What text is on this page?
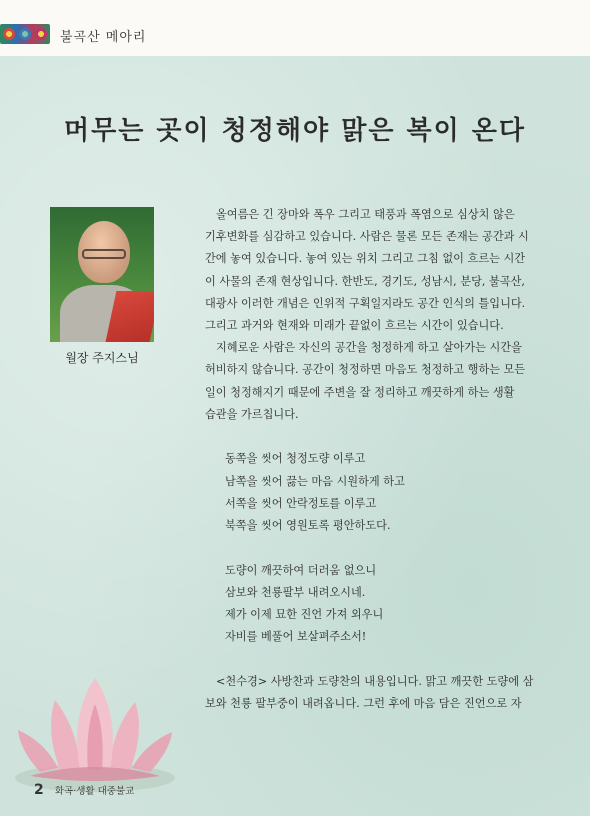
불곡산 메아리
머무는 곳이 청정해야 맑은 복이 온다
월장 주지스님
올여름은 긴 장마와 폭우 그리고 태풍과 폭염으로 심상치 않은
기후변화를 심감하고 있습니다. 사람은 물론 모든 존재는 공간과 시
간에 놓여 있습니다. 놓여 있는 위치 그리고 그침 없이 흐르는 시간
이 사물의 존재 현상입니다. 한반도, 경기도, 성남시, 분당, 불곡산,
대광사 이러한 개념은 인위적 구획일지라도 공간 인식의 틀입니다.
그리고 과거와 현재와 미래가 끝없이 흐르는 시간이 있습니다.
지혜로운 사람은 자신의 공간을 청정하게 하고 살아가는 시간을
허비하지 않습니다. 공간이 청정하면 마음도 청정하고 행하는 모든
일이 청정해지기 때문에 주변을 잘 정리하고 깨끗하게 하는 생활
습관을 가르칩니다.
동쪽을 씻어 청정도량 이루고
남쪽을 씻어 끓는 마음 시원하게 하고
서쪽을 씻어 안락정토를 이루고
북쪽을 씻어 영원토록 평안하도다.
도량이 깨끗하여 더러움 없으니
삼보와 천룡팔부 내려오시네.
제가 이제 묘한 진언 가져 외우니
자비를 베풀어 보살펴주소서!
<천수경> 사방찬과 도량찬의 내용입니다. 맑고 깨끗한 도량에 삼
보와 천룡 팔부중이 내려옵니다. 그런 후에 마음 담은 진언으로 자
2 화곡·생활 대중불교
